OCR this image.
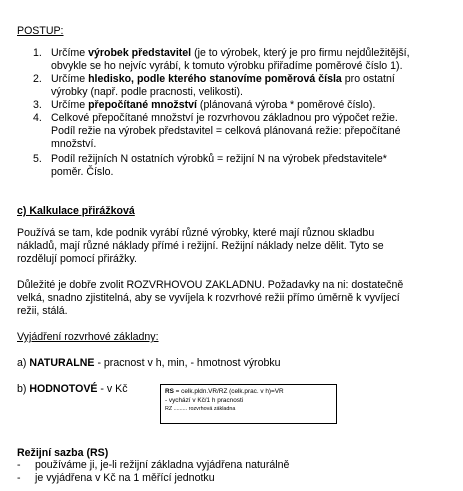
POSTUP:
1. Určíme výrobek představitel (je to výrobek, který je pro firmu nejdůležitější,
obvykle se ho nejvíc vyrábí, k tomuto výrobku přiřadíme poměrové číslo 1).
2. Určíme hledisko, podle kterého stanovíme poměrová čísla pro ostatní
výrobky (např. podle pracnosti, velikosti).
3. Určíme přepočítané množství (plánovaná výroba * poměrové číslo).
4. Celkové přepočítané množství je rozvrhovou základnou pro výpočet režie.
Podíl režie na výrobek představitel = celková plánovaná režie: přepočítané
množství.
5. Podíl režijních N ostatních výrobků = režijní N na výrobek představitele*
poměr. Číslo.
c) Kalkulace přirážková
Používá se tam, kde podnik vyrábí různé výrobky, které mají různou skladbu
nákladů, mají různé náklady přímé i režijní. Režijní náklady nelze dělit. Tyto se
rozdělují pomocí přirážky.
Důležité je dobře zvolit ROZVRHOVOU ZAKLADNU. Požadavky na ni: dostatečně
velká, snadno zjistitelná, aby se vyvíjela k rozvrhové režii přímo úměrně k vyvíjecí
režii, stálá.
Vyjádření rozvrhové základny:
a) NATURALNE - pracnost v h, min, - hmotnost výrobku
b) HODNOTOVÉ - v Kč	RS = celk.pldn.VR/RZ (celk.prac. v h)=VR
- vychází v Kč/1 h pracnosti
RZ ......... rozvrhová základna
Režijní sazba (RS)
- používáme ji, je-li režijní základna vyjádřena naturálně
- je vyjádřena v Kč na 1 měřící jednotku
